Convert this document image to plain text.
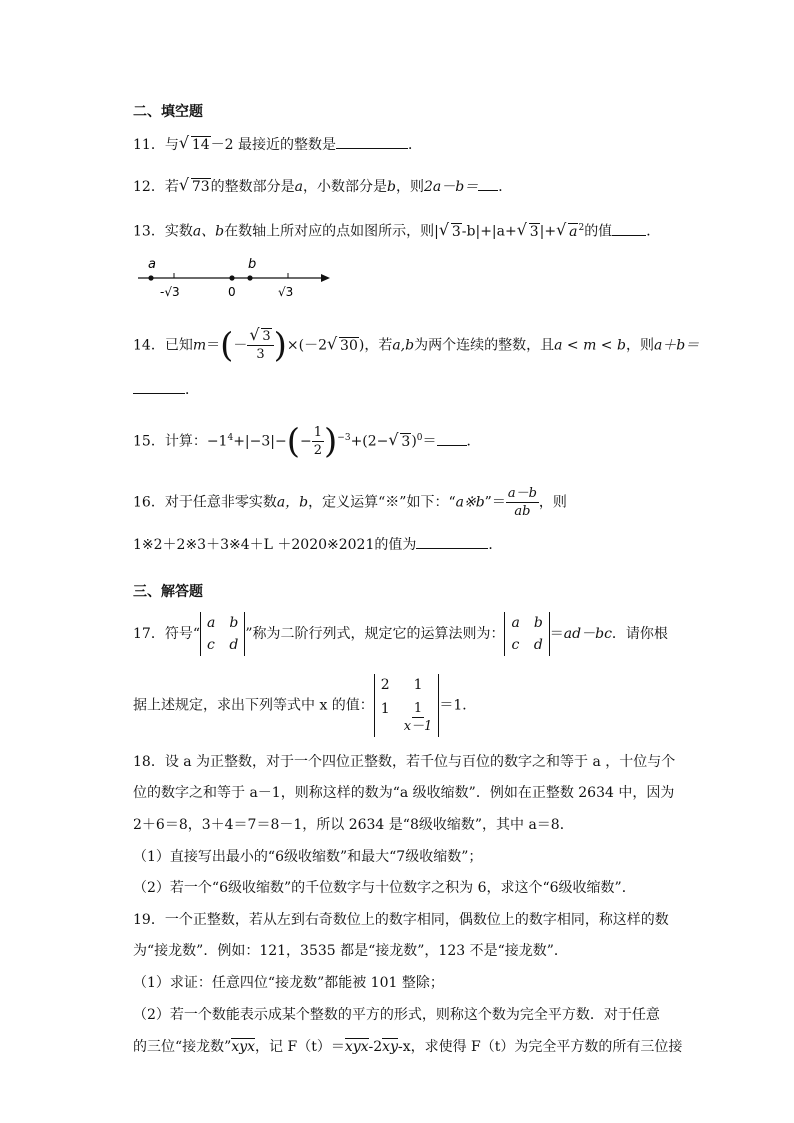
二、填空题
11．与√ 14－2 最接近的整数是	．
12．若√ 73的整数部分是a，小数部分是b，则2a－b＝ ．
13．实数a、b在数轴上所对应的点如图所示，则|√ 3-b|+|a+√ 3|+√ $a^2$的值 ．
a	b
-√3	0	√3
14．已知m＝(－
√ $\frac{3}{3} )\times(-2√$ 30)，若a,b为两个连续的整数，且a < m < b，则a＋b＝
．
15．计算：$-1^4+|-3|-(- \frac{1}{2} )^{-3}+(2-√$ 3)$^0$＝ ．
16．对于任意非零实数a，b，定义运算“※”如下：“a※b”＝ $\frac{a-b}{ab}$ ，则
1※2＋2※3＋3※4＋L ＋2020※2021的值为	．
三、解答题
17．符号“
a b
c d
”称为二阶行列式，规定它的运算法则为：
a b
c d
＝ad－bc．请你根
据上述规定，求出下列等式中 x 的值：
2	1
$1 \frac{1}{x-1} =1$．
18．设 a 为正整数，对于一个四位正整数，若千位与百位的数字之和等于 a ，十位与个
位的数字之和等于 a－1，则称这样的数为“a 级收缩数”．例如在正整数 2634 中，因为
2＋6＝8，3＋4＝7＝8－1，所以 2634 是“8级收缩数”，其中 a＝8．
（1）直接写出最小的“6级收缩数”和最大“7级收缩数”；
（2）若一个“6级收缩数”的千位数字与十位数字之积为 6，求这个“6级收缩数”．
19．一个正整数，若从左到右奇数位上的数字相同，偶数位上的数字相同，称这样的数
为“接龙数”．例如：121，3535 都是“接龙数”，123 不是“接龙数”．
（1）求证：任意四位“接龙数”都能被 101 整除；
（2）若一个数能表示成某个整数的平方的形式，则称这个数为完全平方数．对于任意
的三位“接龙数”xyx，记 F（t）＝xyx-2xy-x，求使得 F（t）为完全平方数的所有三位接
